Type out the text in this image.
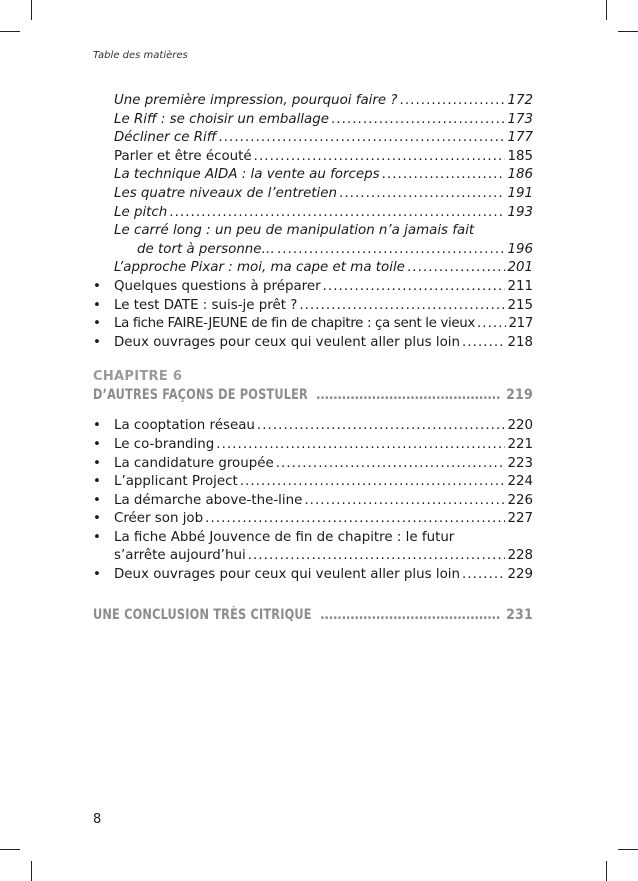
Table des matières
Une première impression, pourquoi faire ? . . .	172
Le Riff : se choisir un emballage . . .	173
Décliner ce Riff . . .	177
Parler et être écouté . . .	185
La technique AIDA : la vente au forceps . . .	186
Les quatre niveaux de l’entretien . . .	191
Le pitch . . .	193
Le carré long : un peu de manipulation n’a jamais fait
de tort à personne… . . .	196
L’approche Pixar : moi, ma cape et ma toile . . .	201
• Quelques questions à préparer . . .	211
• Le test DATE : suis-je prêt ? . . .	215
• La fiche FAIRE-JEUNE de fin de chapitre : ça sent le vieux . . .	217
• Deux ouvrages pour ceux qui veulent aller plus loin . . .	218
CHAPITRE 6
D’AUTRES FAÇONS DE POSTULER .....	219
• La cooptation réseau . . .	220
• Le co-branding . . .	221
• La candidature groupée . . .	223
• L’applicant Project . . .	224
• La démarche above-the-line . . .	226
• Créer son job . . .	227
• La fiche Abbé Jouvence de fin de chapitre : le futur
s’arrête aujourd’hui . . .	228
• Deux ouvrages pour ceux qui veulent aller plus loin . . .	229
UNE CONCLUSION TRÈS CITRIQUE .....	231
8
